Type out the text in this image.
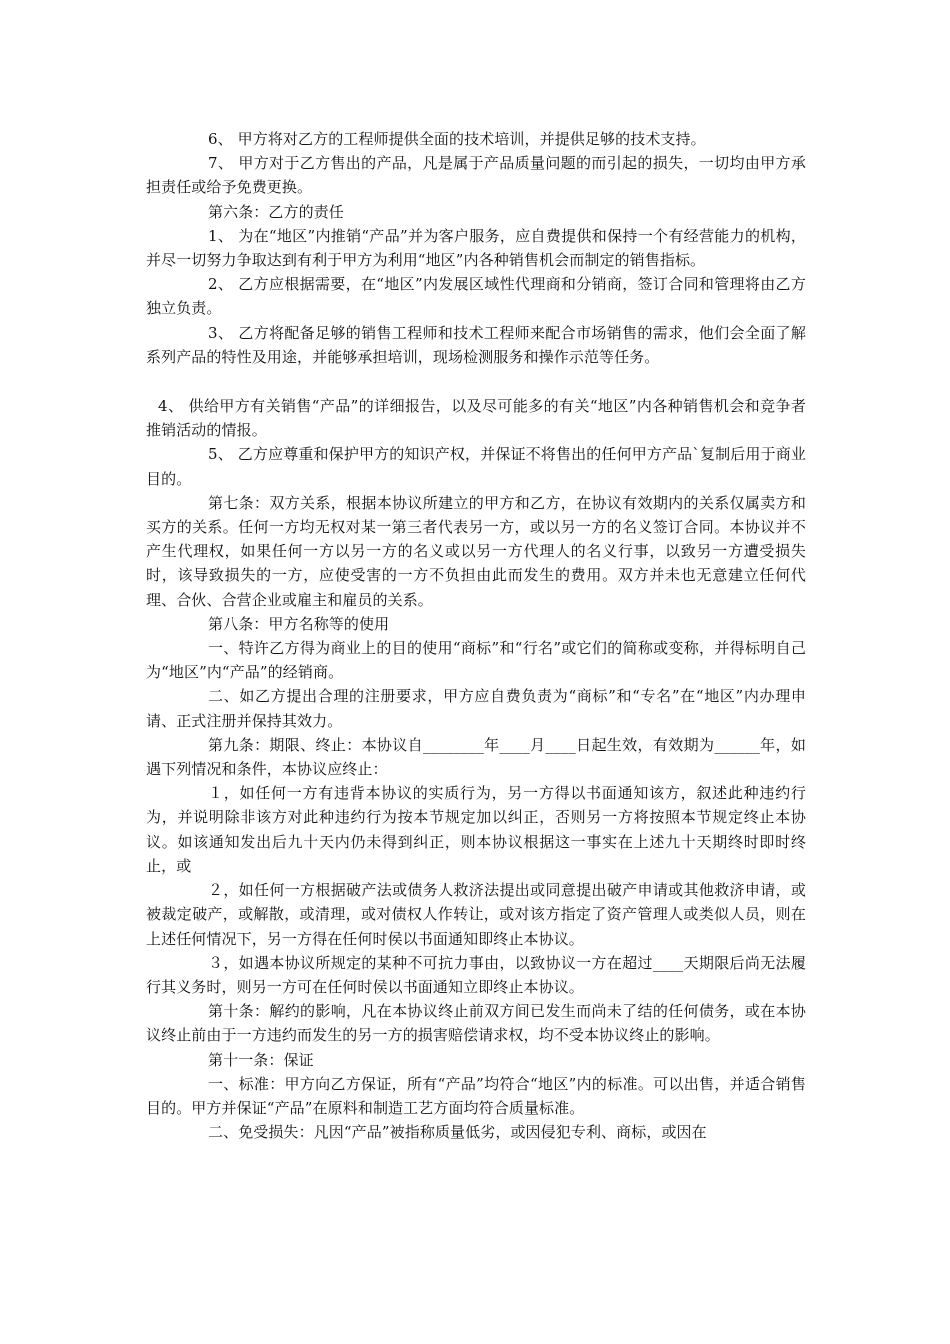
6、 甲方将对乙方的工程师提供全面的技术培训，并提供足够的技术支持。

7、 甲方对于乙方售出的产品，凡是属于产品质量问题的而引起的损失，一切均由甲方承担责任或给予免费更换。

第六条：乙方的责任

1、 为在“地区”内推销“产品”并为客户服务，应自费提供和保持一个有经营能力的机构，并尽一切努力争取达到有利于甲方为利用“地区”内各种销售机会而制定的销售指标。

2、 乙方应根据需要，在“地区”内发展区域性代理商和分销商，签订合同和管理将由乙方独立负责。

3、 乙方将配备足够的销售工程师和技术工程师来配合市场销售的需求，他们会全面了解系列产品的特性及用途，并能够承担培训，现场检测服务和操作示范等任务。

4、 供给甲方有关销售“产品”的详细报告，以及尽可能多的有关“地区”内各种销售机会和竞争者推销活动的情报。

5、 乙方应尊重和保护甲方的知识产权，并保证不将售出的任何甲方产品`复制后用于商业目的。

第七条：双方关系，根据本协议所建立的甲方和乙方，在协议有效期内的关系仅属卖方和买方的关系。任何一方均无权对某一第三者代表另一方，或以另一方的名义签订合同。本协议并不产生代理权，如果任何一方以另一方的名义或以另一方代理人的名义行事，以致另一方遭受损失时，该导致损失的一方，应使受害的一方不负担由此而发生的费用。双方并未也无意建立任何代理、合伙、合营企业或雇主和雇员的关系。

第八条：甲方名称等的使用

一、特许乙方得为商业上的目的使用“商标”和“行名”或它们的简称或变称，并得标明自己为“地区”内“产品”的经销商。

二、如乙方提出合理的注册要求，甲方应自费负责为“商标”和“专名”在“地区”内办理申请、正式注册并保持其效力。

第九条：期限、终止：本协议自________年____月____日起生效，有效期为______年，如遇下列情况和条件，本协议应终止：

１，如任何一方有违背本协议的实质行为，另一方得以书面通知该方，叙述此种违约行为，并说明除非该方对此种违约行为按本节规定加以纠正，否则另一方将按照本节规定终止本协议。如该通知发出后九十天内仍未得到纠正，则本协议根据这一事实在上述九十天期终时即时终止，或

２，如任何一方根据破产法或债务人救济法提出或同意提出破产申请或其他救济申请，或被裁定破产，或解散，或清理，或对债权人作转让，或对该方指定了资产管理人或类似人员，则在上述任何情况下，另一方得在任何时侯以书面通知即终止本协议。

３，如遇本协议所规定的某种不可抗力事由，以致协议一方在超过____天期限后尚无法履行其义务时，则另一方可在任何时侯以书面通知立即终止本协议。

第十条：解约的影响，凡在本协议终止前双方间已发生而尚未了结的任何债务，或在本协议终止前由于一方违约而发生的另一方的损害赔偿请求权，均不受本协议终止的影响。

第十一条：保证

一、标准：甲方向乙方保证，所有“产品”均符合“地区”内的标准。可以出售，并适合销售目的。甲方并保证“产品”在原料和制造工艺方面均符合质量标准。

二、免受损失：凡因“产品”被指称质量低劣，或因侵犯专利、商标，或因在
